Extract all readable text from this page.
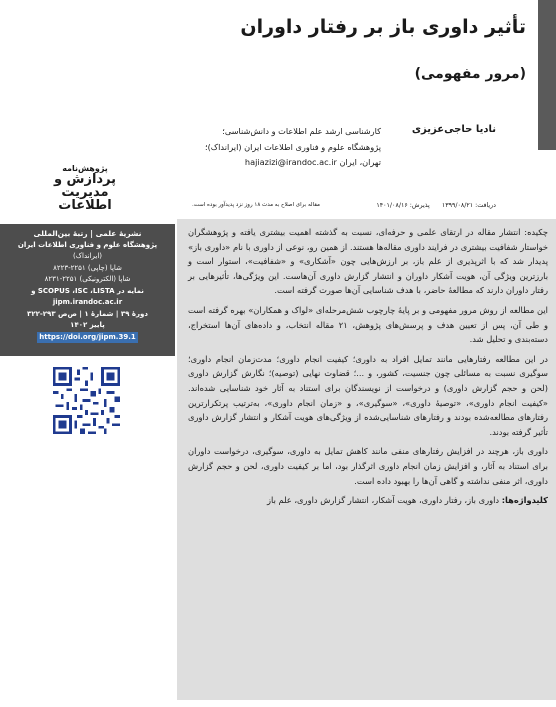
تأثیر داوری باز بر رفتار داوران
(مرور مفهومی)
نادیا حاجی‌عزیزی
کارشناسی ارشد علم اطلاعات و دانش‌شناسی؛
پژوهشگاه علوم و فناوری اطلاعات ایران (ایرانداک)؛
تهران، ایران hajiazizi@irandoc.ac.ir
پژوهش‌نامه
پردازش و
مدیریت
اطلاعات	دریافت: ۱۳۹۹/۰۸/۲۱ پذیرش: ۱۴۰۱/۰۸/۱۶
مقاله برای اصلاح به مدت ۱۸ روز نزد پدیدآور بوده است.
نشریهٔ علمی | رتبهٔ بین‌المللی
پژوهشگاه علوم و فناوری اطلاعات ایران
(ایرانداک)
شاپا (چاپی) ۲۲۵۱-۸۲۲۳
شاپا (الکترونیکی) ۲۲۵۱-۸۲۳۱
نمایه در SCOPUS ،ISC ،LISTA و
jipm.irandoc.ac.ir
دورهٔ ۳۹ | شمارهٔ ۱ | ص‌ص ۲۹۳-۳۲۲
پاییز ۱۴۰۲
https://doi.org/jipm.39.1

چکیده: انتشار مقاله در ارتقای علمی و حرفه‌ای، نسبت به گذشته اهمیت بیشتری یافته و پژوهشگران خواستار شفافیت بیشتری در فرایند داوری مقاله‌ها هستند. از همین رو، نوعی از داوری با نام «داوری باز» پدیدار شد که با اثرپذیری از علم باز، بر ارزش‌هایی چون «آشکاری» و «شفافیت»، استوار است و بارزترین ویژگی آن، هویت آشکار داوران و انتشار گزارش داوری آن‌هاست. این ویژگی‌ها، تأثیرهایی بر رفتار داوران دارند که مطالعهٔ حاضر، با هدف شناسایی آن‌ها صورت گرفته است.

این مطالعه از روش مرور مفهومی و بر پایهٔ چارچوب شش‌مرحله‌ای «لواک و همکاران» بهره گرفته است و طی آن، پس از تعیین هدف و پرسش‌های پژوهش، ۲۱ مقاله انتخاب، و داده‌های آن‌ها استخراج، دسته‌بندی و تحلیل شد.

در این مطالعه رفتارهایی مانند تمایل افراد به داوری؛ کیفیت انجام داوری؛ مدت‌زمان انجام داوری؛ سوگیری نسبت به مسائلی چون جنسیت، کشور، و ...؛ قضاوت نهایی (توصیه)؛ نگارش گزارش داوری (لحن و حجم گزارش داوری) و درخواست از نویسندگان برای استناد به آثار خود شناسایی شده‌اند. «کیفیت انجام داوری»، «توصیهٔ داوری»، «سوگیری»، و «زمان انجام داوری»، به‌ترتیب پرتکرارترین رفتارهای مطالعه‌شده بودند و رفتارهای شناسایی‌شده از ویژگی‌های هویت آشکار و انتشار گزارش داوری تأثیر گرفته بودند.

داوری باز، هرچند در افزایش رفتارهای منفی مانند کاهش تمایل به داوری، سوگیری، درخواست داوران برای استناد به آثار، و افزایش زمان انجام داوری اثرگذار بود، اما بر کیفیت داوری، لحن و حجم گزارش داوری، اثر منفی نداشته و گاهی آن‌ها را بهبود داده است.

کلیدواژه‌ها: داوری باز، رفتار داوری، هویت آشکار، انتشار گزارش داوری، علم باز
